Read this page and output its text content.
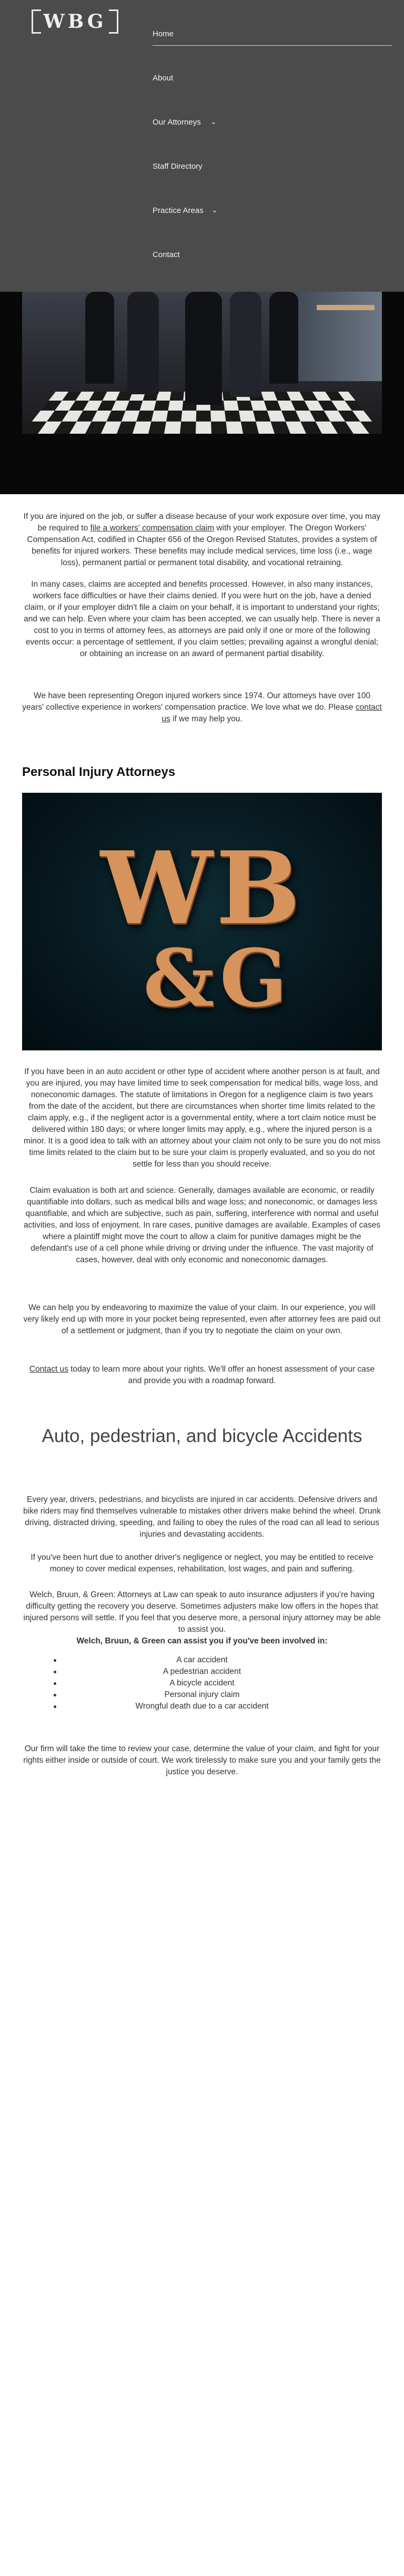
WBG
Home
About
Our Attorneys ⌄
Staff Directory
Practice Areas ⌄
Contact

If you are injured on the job, or suffer a disease because of your work exposure over time, you may be required to file a workers' compensation claim with your employer. The Oregon Workers' Compensation Act, codified in Chapter 656 of the Oregon Revised Statutes, provides a system of benefits for injured workers. These benefits may include medical services, time loss (i.e., wage loss), permanent partial or permanent total disability, and vocational retraining.

In many cases, claims are accepted and benefits processed. However, in also many instances, workers face difficulties or have their claims denied. If you were hurt on the job, have a denied claim, or if your employer didn't file a claim on your behalf, it is important to understand your rights; and we can help. Even where your claim has been accepted, we can usually help. There is never a cost to you in terms of attorney fees, as attorneys are paid only if one or more of the following events occur: a percentage of settlement, if you claim settles; prevailing against a wrongful denial; or obtaining an increase on an award of permanent partial disability.

We have been representing Oregon injured workers since 1974. Our attorneys have over 100 years' collective experience in workers' compensation practice. We love what we do. Please contact us if we may help you.

Personal Injury Attorneys
WB
&G

If you have been in an auto accident or other type of accident where another person is at fault, and you are injured, you may have limited time to seek compensation for medical bills, wage loss, and noneconomic damages. The statute of limitations in Oregon for a negligence claim is two years from the date of the accident, but there are circumstances when shorter time limits related to the claim apply, e.g., if the negligent actor is a governmental entity, where a tort claim notice must be delivered within 180 days; or where longer limits may apply, e.g., where the injured person is a minor. It is a good idea to talk with an attorney about your claim not only to be sure you do not miss time limits related to the claim but to be sure your claim is properly evaluated, and so you do not settle for less than you should receive.

Claim evaluation is both art and science. Generally, damages available are economic, or readily quantifiable into dollars, such as medical bills and wage loss; and noneconomic, or damages less quantifiable, and which are subjective, such as pain, suffering, interference with normal and useful activities, and loss of enjoyment. In rare cases, punitive damages are available. Examples of cases where a plaintiff might move the court to allow a claim for punitive damages might be the defendant's use of a cell phone while driving or driving under the influence. The vast majority of cases, however, deal with only economic and noneconomic damages.

We can help you by endeavoring to maximize the value of your claim. In our experience, you will very likely end up with more in your pocket being represented, even after attorney fees are paid out of a settlement or judgment, than if you try to negotiate the claim on your own.

Contact us today to learn more about your rights. We'll offer an honest assessment of your case and provide you with a roadmap forward.

Auto, pedestrian, and bicycle Accidents

Every year, drivers, pedestrians, and bicyclists are injured in car accidents. Defensive drivers and bike riders may find themselves vulnerable to mistakes other drivers make behind the wheel. Drunk driving, distracted driving, speeding, and failing to obey the rules of the road can all lead to serious injuries and devastating accidents.

If you've been hurt due to another driver's negligence or neglect, you may be entitled to receive money to cover medical expenses, rehabilitation, lost wages, and pain and suffering.

Welch, Bruun, & Green: Attorneys at Law can speak to auto insurance adjusters if you're having difficulty getting the recovery you deserve. Sometimes adjusters make low offers in the hopes that injured persons will settle. If you feel that you deserve more, a personal injury attorney may be able to assist you.

Welch, Bruun, & Green can assist you if you've been involved in:

A car accident
A pedestrian accident
A bicycle accident
Personal injury claim
Wrongful death due to a car accident

Our firm will take the time to review your case, determine the value of your claim, and fight for your rights either inside or outside of court. We work tirelessly to make sure you and your family gets the justice you deserve.
